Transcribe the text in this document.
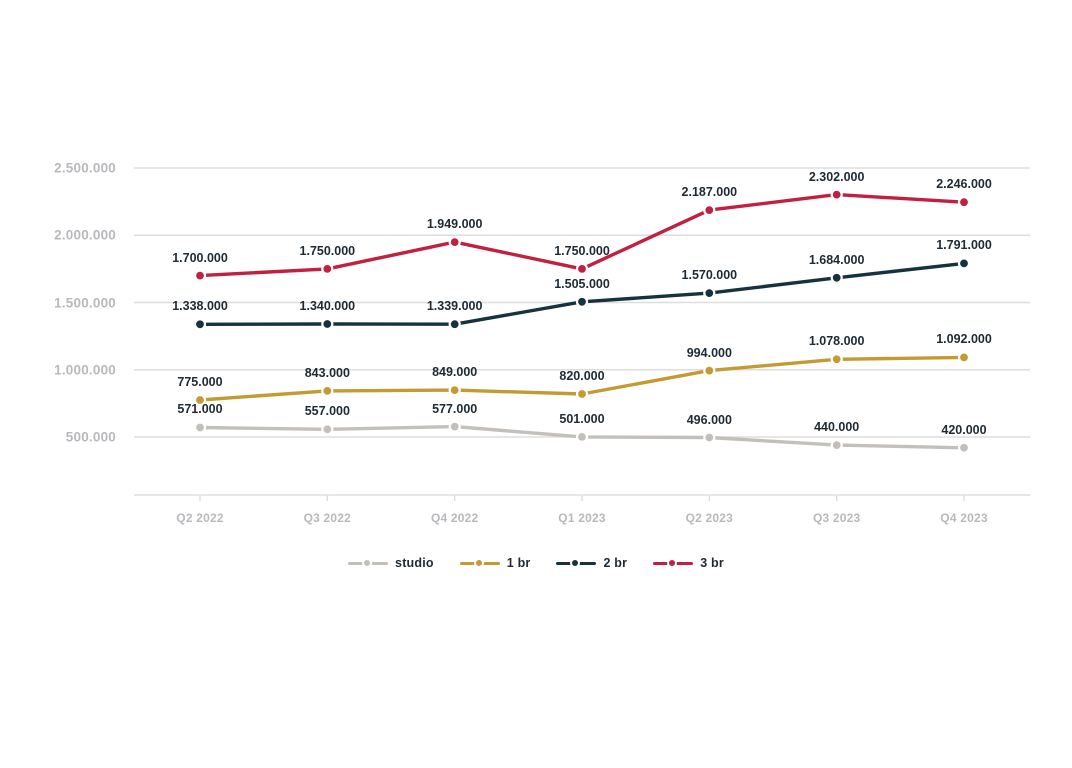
500.000
1.000.000
1.500.000
2.000.000
2.500.000
Q2 2022	Q3 2022	Q4 2022	Q1 2023	Q2 2023	Q3 2023	Q4 2023
571.000	557.000	577.000
501.000	496.000
440.000	420.000
775.000
843.000	849.000	820.000
994.000
1.078.000	1.092.000
1.338.000	1.340.000	1.339.000
1.505.000
1.570.000
1.684.000
1.791.000
1.700.000	1.750.000
1.949.000
1.750.000
2.187.000
2.302.000
2.246.000
studio	1 br	2 br	3 br
